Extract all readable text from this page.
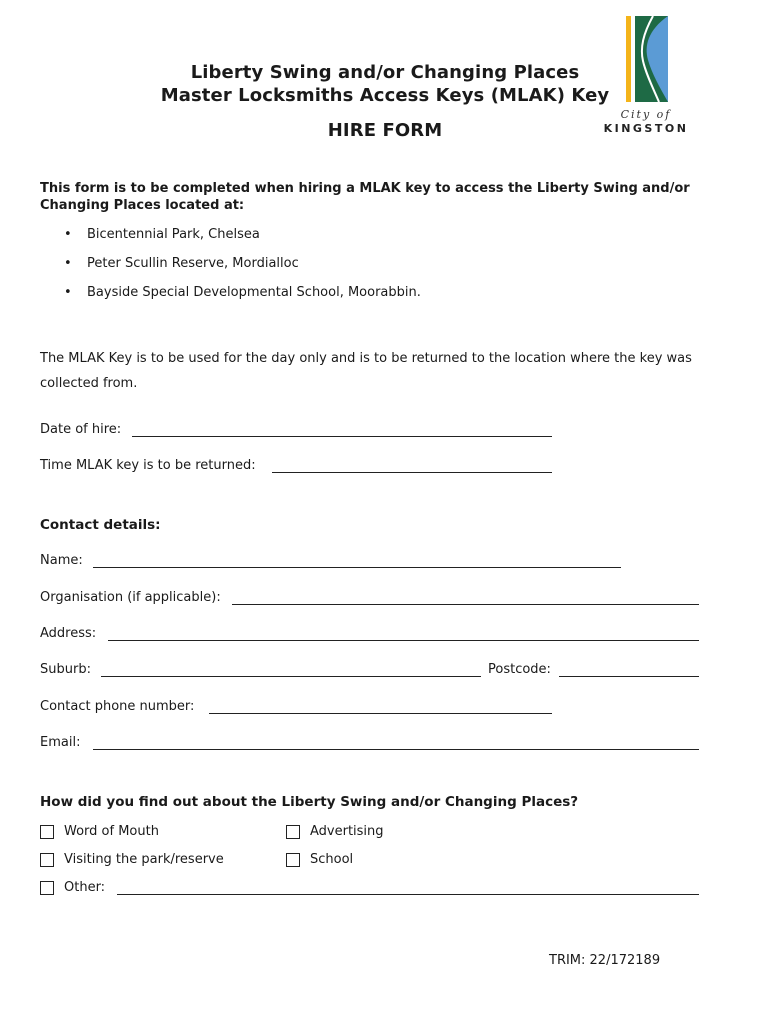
Liberty Swing and/or Changing Places
Master Locksmiths Access Keys (MLAK) Key
HIRE FORM
City of
KINGSTON
This form is to be completed when hiring a MLAK key to access the Liberty Swing and/or Changing Places located at:
• Bicentennial Park, Chelsea
• Peter Scullin Reserve, Mordialloc
• Bayside Special Developmental School, Moorabbin.
The MLAK Key is to be used for the day only and is to be returned to the location where the key was collected from.
Date of hire:
Time MLAK key is to be returned:
Contact details:
Name:
Organisation (if applicable):
Address:
Suburb:	Postcode:
Contact phone number:
Email:
How did you find out about the Liberty Swing and/or Changing Places?
Word of Mouth	Advertising
Visiting the park/reserve	School
Other:
TRIM: 22/172189
